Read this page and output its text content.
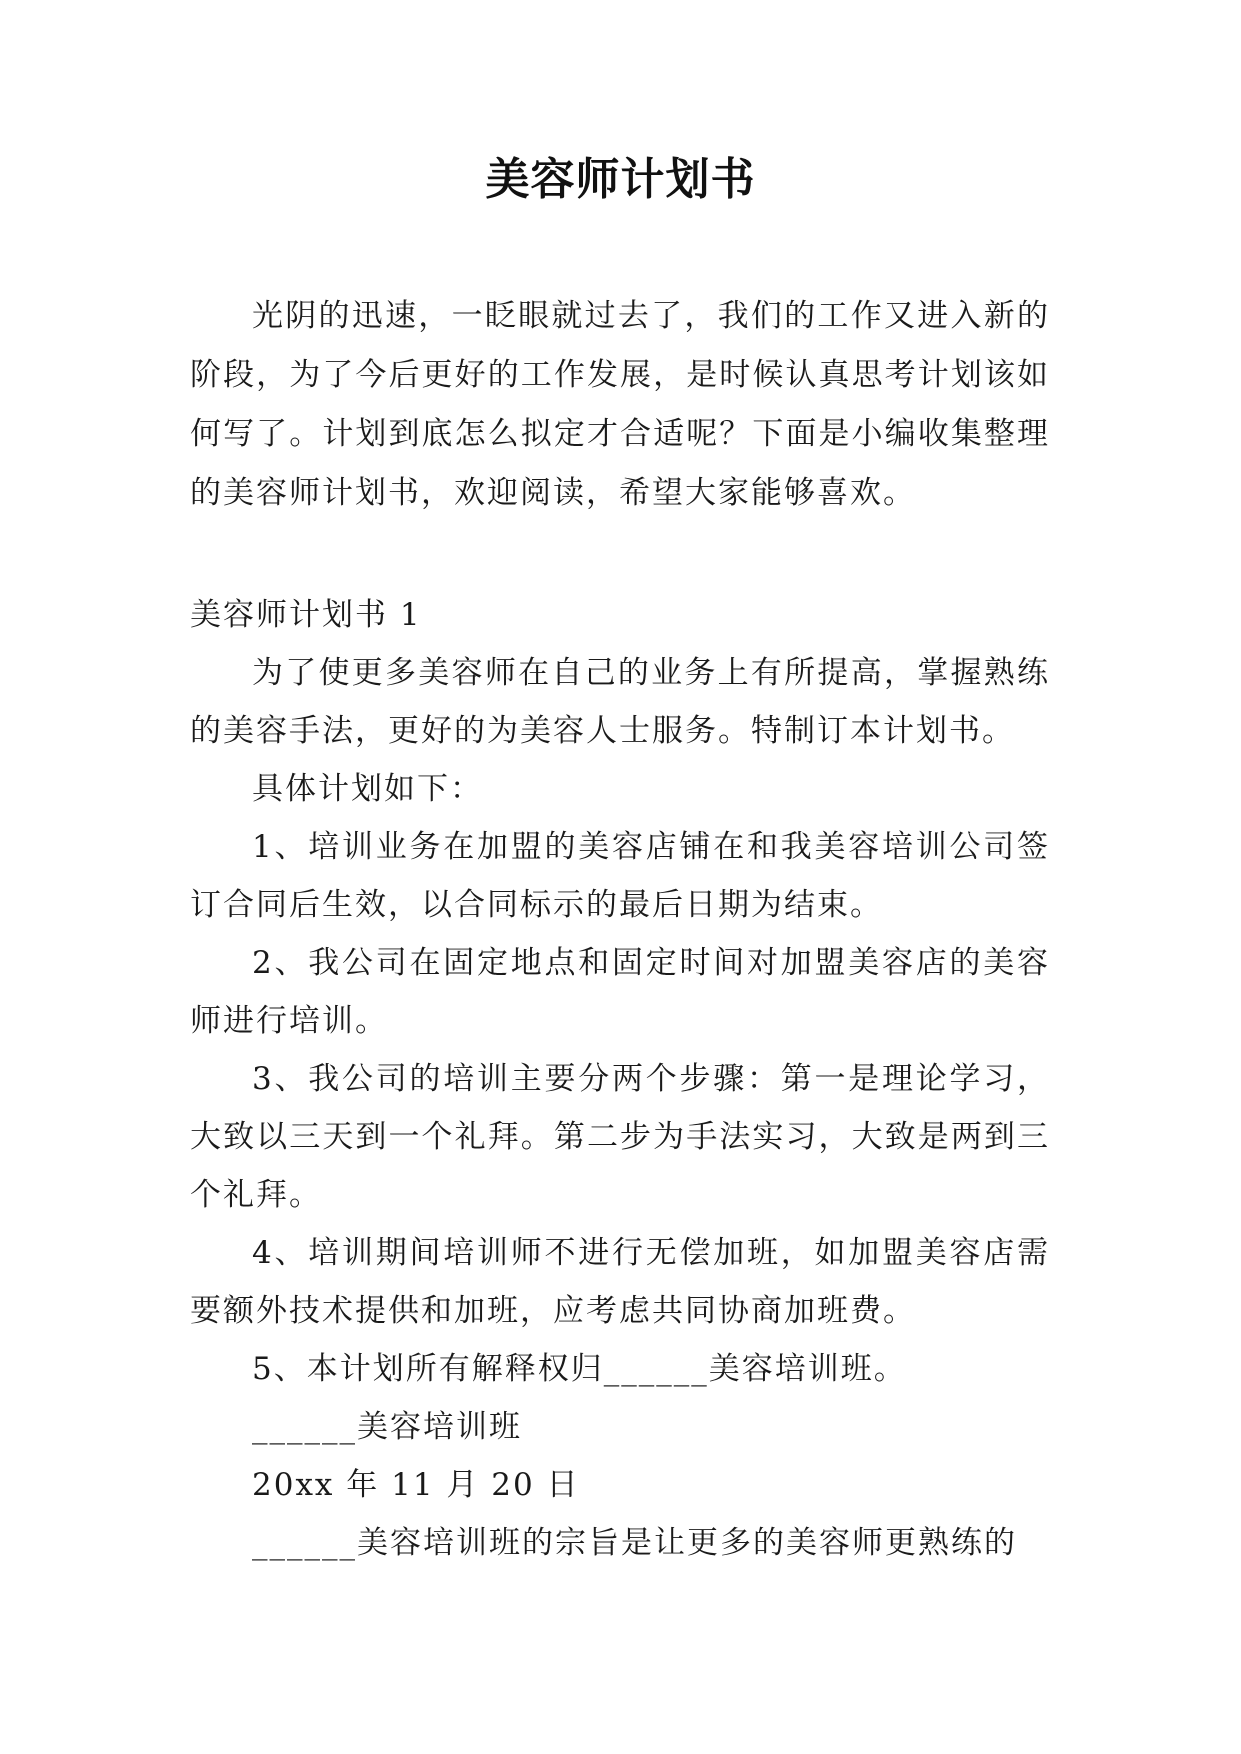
美容师计划书

光阴的迅速，一眨眼就过去了，我们的工作又进入新的阶段，为了今后更好的工作发展，是时候认真思考计划该如何写了。计划到底怎么拟定才合适呢？下面是小编收集整理的美容师计划书，欢迎阅读，希望大家能够喜欢。

美容师计划书 1

为了使更多美容师在自己的业务上有所提高，掌握熟练的美容手法，更好的为美容人士服务。特制订本计划书。

具体计划如下：

1、培训业务在加盟的美容店铺在和我美容培训公司签订合同后生效，以合同标示的最后日期为结束。

2、我公司在固定地点和固定时间对加盟美容店的美容师进行培训。

3、我公司的培训主要分两个步骤：第一是理论学习，大致以三天到一个礼拜。第二步为手法实习，大致是两到三个礼拜。

4、培训期间培训师不进行无偿加班，如加盟美容店需要额外技术提供和加班，应考虑共同协商加班费。

5、本计划所有解释权归______美容培训班。

______美容培训班

20xx 年 11 月 20 日

______美容培训班的宗旨是让更多的美容师更熟练的
